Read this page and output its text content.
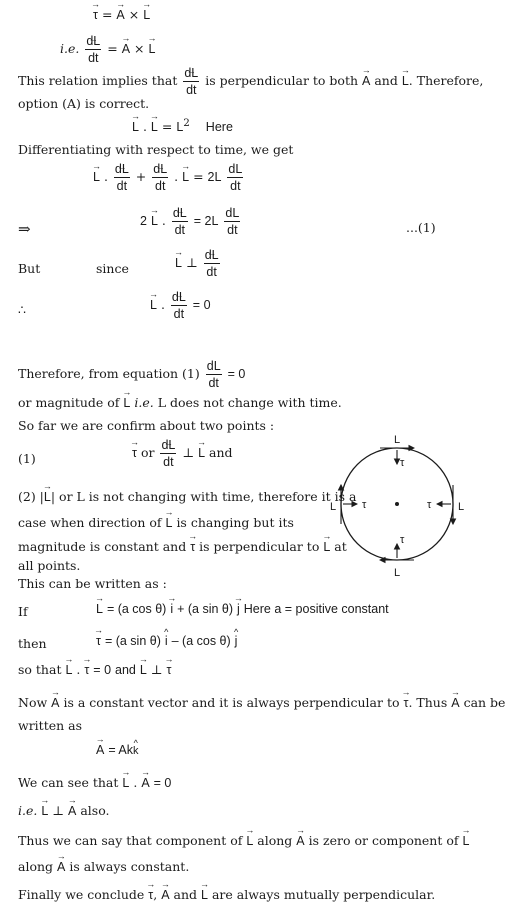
→ τ = → A × → L
i.e. → $\frac{dL}{dt}$ = → A × → L
This relation implies that → $\frac{dL}{dt}$ is perpendicular to both → A and → L. Therefore,
option (A) is correct.
→ L . → $L = L^2$ Here
Differentiating with respect to time, we get
→ L . → $\frac{dL}{dt}$ + → $\frac{dL}{dt}$ . → $L = 2L \frac{dL}{dt}$
⇒	2 → L . → $\frac{dL}{dt} = 2L \frac{dL}{dt}$	...(1)
But	since	→ L ⊥ → $\frac{dL}{dt}$
∴	→ L . → $\frac{dL}{dt} = 0$
Therefore, from equation $(1) \frac{dL}{dt} = 0$
or magnitude of → L i.e. L does not change with time.
So far we are confirm about two points :
(1)	→ τ or → $\frac{dL}{dt}$ ⊥ → L and
(2) |→ L| or L is not changing with time, therefore it is a
case when direction of → L is changing but its
magnitude is constant and → τ is perpendicular to → L at
all points.
L
L
L	L
τ
τ
τ	τ
This can be written as :
If	→ L = (a cos θ) → i + (a sin θ) → j Here a = positive constant
then	→ τ = (a sin θ) ^ i – (a cos θ) ^ j
so that → L . → τ = 0 and → L ⊥ → τ
Now → A is a constant vector and it is always perpendicular to → τ. Thus → A can be
written as
→ A = Ak^ k
We can see that → L . → A = 0
i.e. → L ⊥ → A also.
Thus we can say that component of → L along → A is zero or component of → L
along → A is always constant.
Finally we conclude → τ, → A and → L are always mutually perpendicular.
